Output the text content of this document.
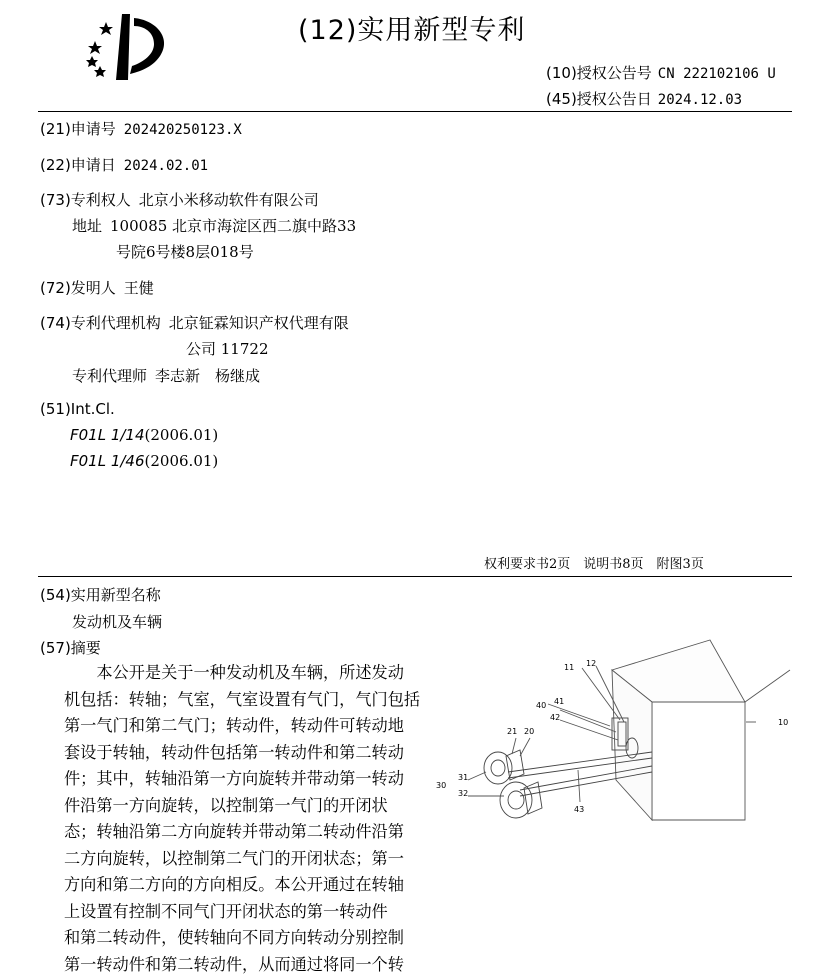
(12)实用新型专利
(10)授权公告号 CN 222102106 U
(45)授权公告日 2024.12.03
(21)申请号 202420250123.X
(22)申请日 2024.02.01
(73)专利权人 北京小米移动软件有限公司
地址 100085 北京市海淀区西二旗中路33
号院6号楼8层018号
(72)发明人 王健
(74)专利代理机构 北京钲霖知识产权代理有限
公司 11722
专利代理师 李志新　杨继成
(51)Int.Cl.
F01L 1/14(2006.01)
F01L 1/46(2006.01)
权利要求书2页　说明书8页　附图3页
(54)实用新型名称
发动机及车辆
(57)摘要
　　本公开是关于一种发动机及车辆，所述发动
机包括：转轴；气室，气室设置有气门，气门包括
第一气门和第二气门；转动件，转动件可转动地
套设于转轴，转动件包括第一转动件和第二转动
件；其中，转轴沿第一方向旋转并带动第一转动
件沿第一方向旋转，以控制第一气门的开闭状
态；转轴沿第二方向旋转并带动第二转动件沿第
二方向旋转，以控制第二气门的开闭状态；第一
方向和第二方向的方向相反。本公开通过在转轴
上设置有控制不同气门开闭状态的第一转动件
和第二转动件，使转轴向不同方向转动分别控制
第一转动件和第二转动件，从而通过将同一个转
11 12
40 41
42
21 20
31
30
32
43
10
